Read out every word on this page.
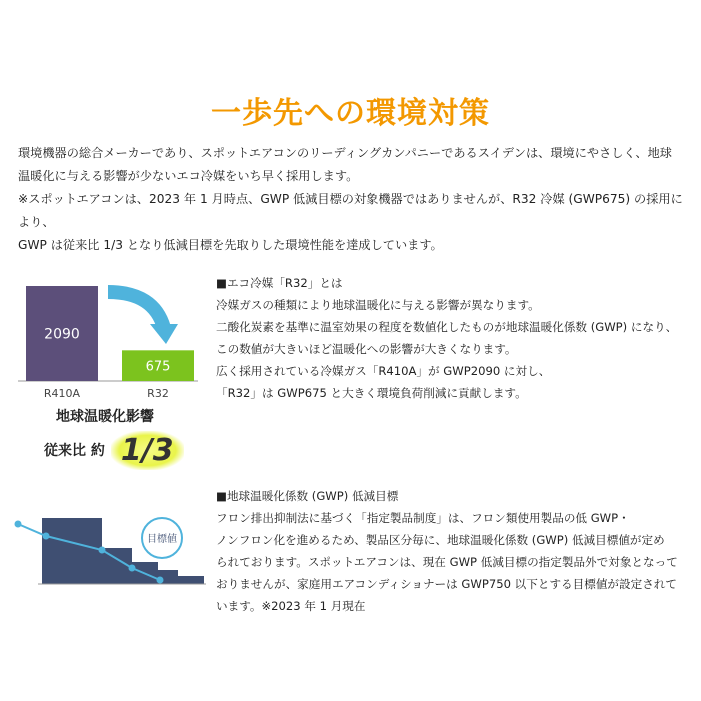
一歩先への環境対策

環境機器の総合メーカーであり、スポットエアコンのリーディングカンパニーであるスイデンは、環境にやさしく、地球

温暖化に与える影響が少ないエコ冷媒をいち早く採用します。

※スポットエアコンは、2023 年 1 月時点、GWP 低減目標の対象機器ではありませんが、R32 冷媒 (GWP675) の採用により、

GWP は従来比 1/3 となり低減目標を先取りした環境性能を達成しています。

2090
675
R410A	R32
地球温暖化影響
従来比 約 1/3

■エコ冷媒「R32」とは

冷媒ガスの種類により地球温暖化に与える影響が異なります。

二酸化炭素を基準に温室効果の程度を数値化したものが地球温暖化係数 (GWP) になり、

この数値が大きいほど温暖化への影響が大きくなります。

広く採用されている冷媒ガス「R410A」が GWP2090 に対し、

「R32」は GWP675 と大きく環境負荷削減に貢献します。

目標値

■地球温暖化係数 (GWP) 低減目標

フロン排出抑制法に基づく「指定製品制度」は、フロン類使用製品の低 GWP・

ノンフロン化を進めるため、製品区分毎に、地球温暖化係数 (GWP) 低減目標値が定め

られております。スポットエアコンは、現在 GWP 低減目標の指定製品外で対象となって

おりませんが、家庭用エアコンディショナーは GWP750 以下とする目標値が設定されて

います。※2023 年 1 月現在
